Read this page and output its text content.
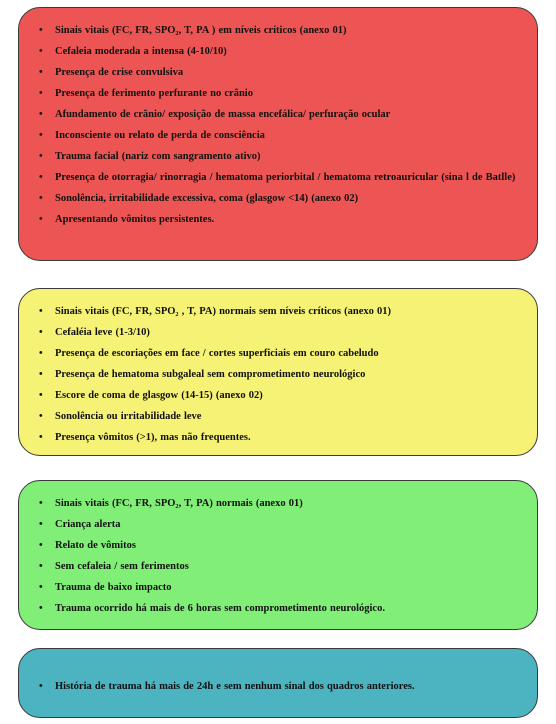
• Sinais vitais (FC, FR, SPO₂, T, PA ) em níveis críticos (anexo 01)
• Cefaleia moderada a intensa (4-10/10)
• Presença de crise convulsiva
• Presença de ferimento perfurante no crânio
• Afundamento de crânio/ exposição de massa encefálica/ perfuração ocular
• Inconsciente ou relato de perda de consciência
• Trauma facial (nariz com sangramento ativo)
• Presença de otorragia/ rinorragia / hematoma periorbital / hematoma retroauricular (sina l de Batlle)
• Sonolência, irritabilidade excessiva, coma (glasgow <14) (anexo 02)
• Apresentando vômitos persistentes.
• Sinais vitais (FC, FR, SPO₂ , T, PA) normais sem níveis críticos (anexo 01)
• Cefaléia leve (1-3/10)
• Presença de escoriações em face / cortes superficiais em couro cabeludo
• Presença de hematoma subgaleal sem comprometimento neurológico
• Escore de coma de glasgow (14-15) (anexo 02)
• Sonolência ou irritabilidade leve
• Presença vômitos (>1), mas não frequentes.
• Sinais vitais (FC, FR, SPO₂, T, PA) normais (anexo 01)
• Criança alerta
• Relato de vômitos
• Sem cefaleia / sem ferimentos
• Trauma de baixo impacto
• Trauma ocorrido há mais de 6 horas sem comprometimento neurológico.
• História de trauma há mais de 24h e sem nenhum sinal dos quadros anteriores.
